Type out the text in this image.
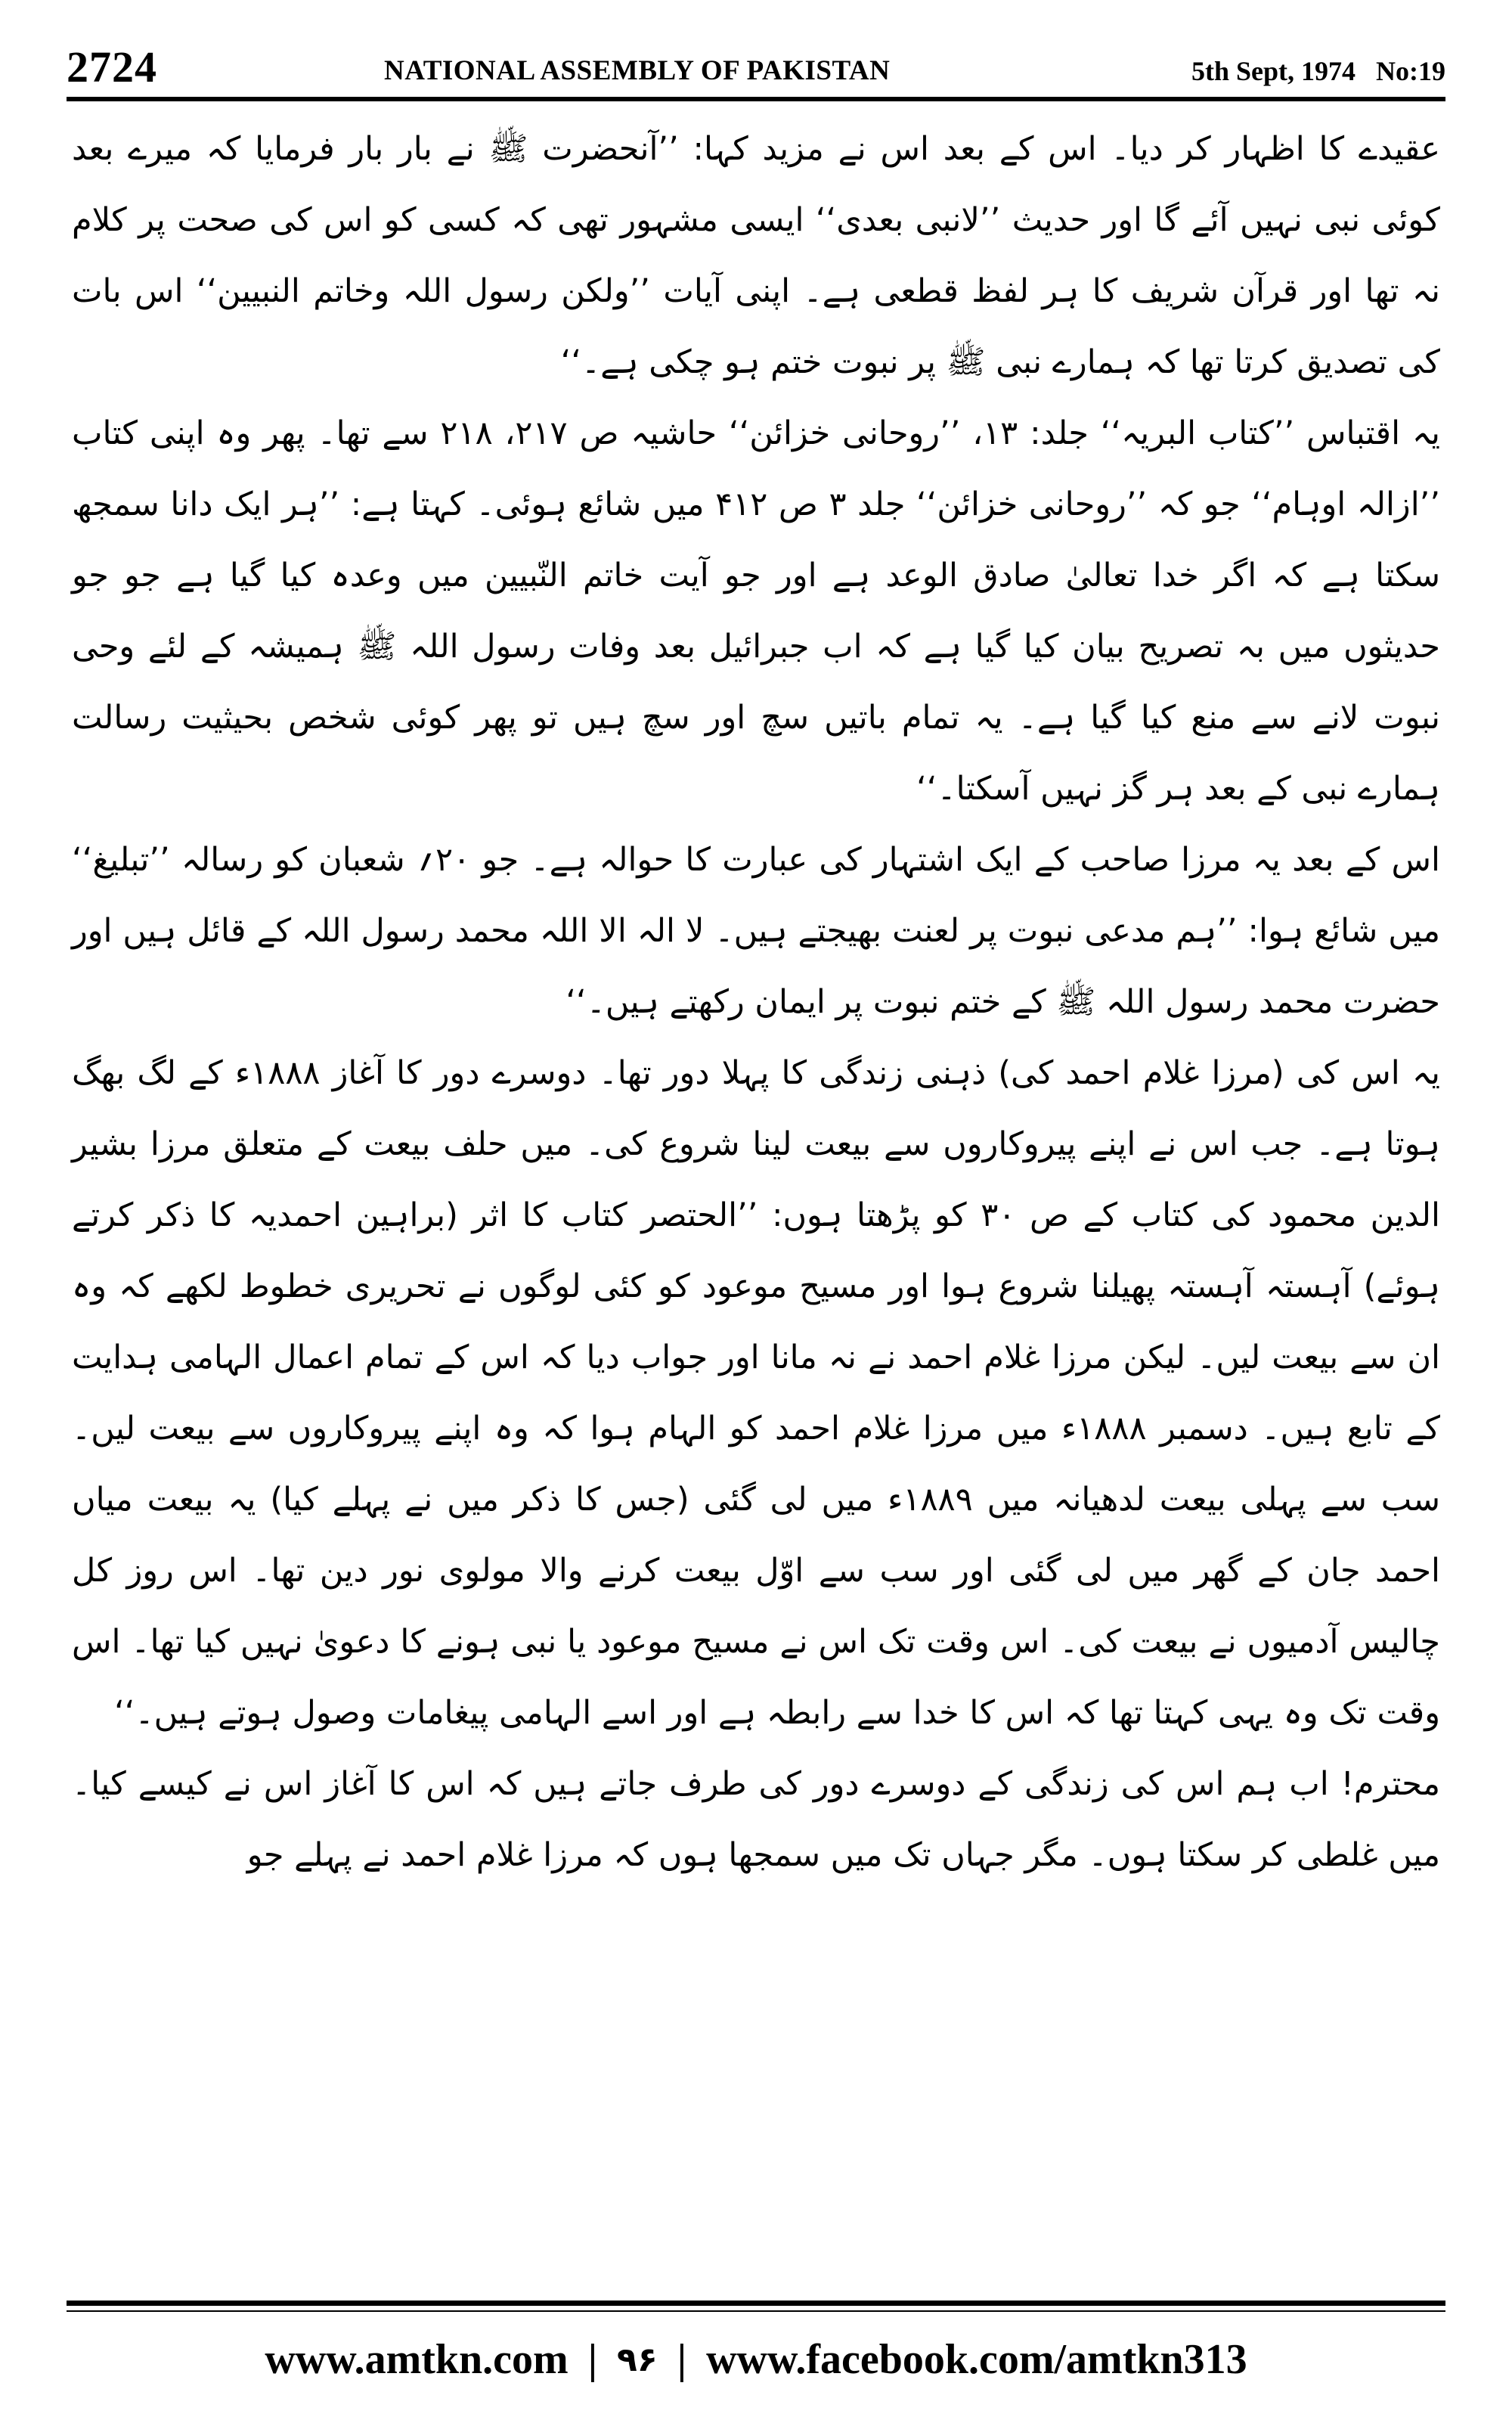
2724	NATIONAL ASSEMBLY OF PAKISTAN	5th Sept, 1974 No:19

عقیدے کا اظہار کر دیا۔ اس کے بعد اس نے مزید کہا: ’’آنحضرت ﷺ نے بار بار فرمایا کہ میرے بعد کوئی نبی نہیں آئے گا اور حدیث ’’لانبی بعدی‘‘ ایسی مشہور تھی کہ کسی کو اس کی صحت پر کلام نہ تھا اور قرآن شریف کا ہر لفظ قطعی ہے۔ اپنی آیات ’’ولکن رسول اللہ وخاتم النبیین‘‘ اس بات کی تصدیق کرتا تھا کہ ہمارے نبی ﷺ پر نبوت ختم ہو چکی ہے۔‘‘

یہ اقتباس ’’کتاب البریہ‘‘ جلد: ۱۳، ’’روحانی خزائن‘‘ حاشیہ ص ۲۱۷، ۲۱۸ سے تھا۔ پھر وہ اپنی کتاب ’’ازالہ اوہام‘‘ جو کہ ’’روحانی خزائن‘‘ جلد ۳ ص ۴۱۲ میں شائع ہوئی۔ کہتا ہے: ’’ہر ایک دانا سمجھ سکتا ہے کہ اگر خدا تعالیٰ صادق الوعد ہے اور جو آیت خاتم النّبیین میں وعدہ کیا گیا ہے جو جو حدیثوں میں بہ تصریح بیان کیا گیا ہے کہ اب جبرائیل بعد وفات رسول اللہ ﷺ ہمیشہ کے لئے وحی نبوت لانے سے منع کیا گیا ہے۔ یہ تمام باتیں سچ اور سچ ہیں تو پھر کوئی شخص بحیثیت رسالت ہمارے نبی کے بعد ہر گز نہیں آسکتا۔‘‘

اس کے بعد یہ مرزا صاحب کے ایک اشتہار کی عبارت کا حوالہ ہے۔ جو ۲۰؍ شعبان کو رسالہ ’’تبلیغ‘‘ میں شائع ہوا: ’’ہم مدعی نبوت پر لعنت بھیجتے ہیں۔ لا الہ الا اللہ محمد رسول اللہ کے قائل ہیں اور حضرت محمد رسول اللہ ﷺ کے ختم نبوت پر ایمان رکھتے ہیں۔‘‘

یہ اس کی (مرزا غلام احمد کی) ذہنی زندگی کا پہلا دور تھا۔ دوسرے دور کا آغاز ۱۸۸۸ء کے لگ بھگ ہوتا ہے۔ جب اس نے اپنے پیروکاروں سے بیعت لینا شروع کی۔ میں حلف بیعت کے متعلق مرزا بشیر الدین محمود کی کتاب کے ص ۳۰ کو پڑھتا ہوں: ’’الحتصر کتاب کا اثر (براہین احمدیہ کا ذکر کرتے ہوئے) آہستہ آہستہ پھیلنا شروع ہوا اور مسیح موعود کو کئی لوگوں نے تحریری خطوط لکھے کہ وہ ان سے بیعت لیں۔ لیکن مرزا غلام احمد نے نہ مانا اور جواب دیا کہ اس کے تمام اعمال الہامی ہدایت کے تابع ہیں۔ دسمبر ۱۸۸۸ء میں مرزا غلام احمد کو الہام ہوا کہ وہ اپنے پیروکاروں سے بیعت لیں۔ سب سے پہلی بیعت لدھیانہ میں ۱۸۸۹ء میں لی گئی (جس کا ذکر میں نے پہلے کیا) یہ بیعت میاں احمد جان کے گھر میں لی گئی اور سب سے اوّل بیعت کرنے والا مولوی نور دین تھا۔ اس روز کل چالیس آدمیوں نے بیعت کی۔ اس وقت تک اس نے مسیح موعود یا نبی ہونے کا دعویٰ نہیں کیا تھا۔ اس وقت تک وہ یہی کہتا تھا کہ اس کا خدا سے رابطہ ہے اور اسے الہامی پیغامات وصول ہوتے ہیں۔‘‘

محترم! اب ہم اس کی زندگی کے دوسرے دور کی طرف جاتے ہیں کہ اس کا آغاز اس نے کیسے کیا۔ میں غلطی کر سکتا ہوں۔ مگر جہاں تک میں سمجھا ہوں کہ مرزا غلام احمد نے پہلے جو

www.amtkn.com | ۹۶ | www.facebook.com/amtkn313
